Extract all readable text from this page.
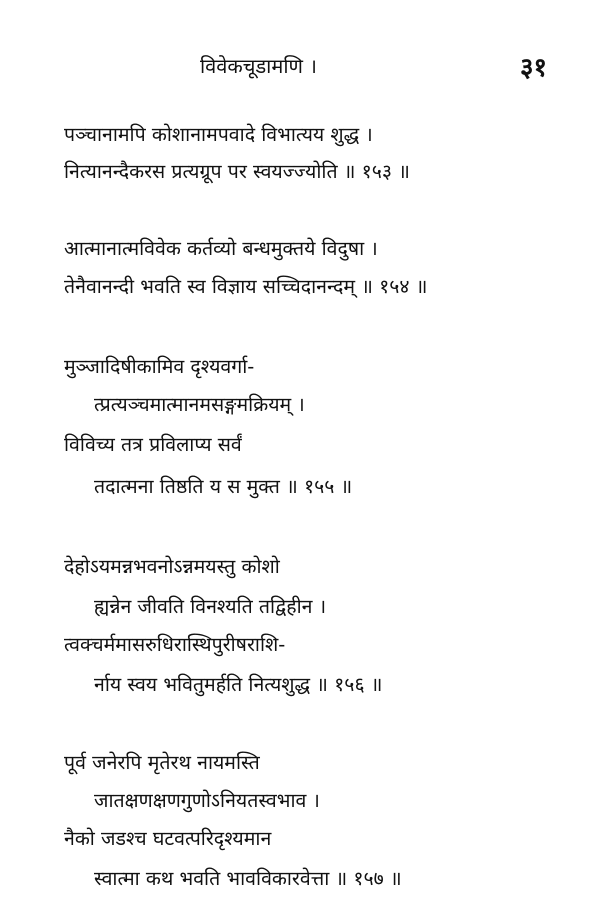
विवेकचूडामणि ।	३१
पञ्चानामपि कोशानामपवादे विभात्यय शुद्ध ।
नित्यानन्दैकरस प्रत्यग्रूप पर स्वयज्ज्योति ॥ १५३ ॥
आत्मानात्मविवेक कर्तव्यो बन्धमुक्तये विदुषा ।
तेनैवानन्दी भवति स्व विज्ञाय सच्चिदानन्दम् ॥ १५४ ॥
मुञ्जादिषीकामिव दृश्यवर्गा-
त्प्रत्यञ्चमात्मानमसङ्गमक्रियम् ।
विविच्य तत्र प्रविलाप्य सर्वं
तदात्मना तिष्ठति य स मुक्त ॥ १५५ ॥
देहोऽयमन्नभवनोऽन्नमयस्तु कोशो
ह्यन्नेन जीवति विनश्यति तद्विहीन ।
त्वक्चर्ममासरुधिरास्थिपुरीषराशि-
र्नाय स्वय भवितुमर्हति नित्यशुद्ध ॥ १५६ ॥
पूर्व जनेरपि मृतेरथ नायमस्ति
जातक्षणक्षणगुणोऽनियतस्वभाव ।
नैको जडश्च घटवत्परिदृश्यमान
स्वात्मा कथ भवति भावविकारवेत्ता ॥ १५७ ॥
